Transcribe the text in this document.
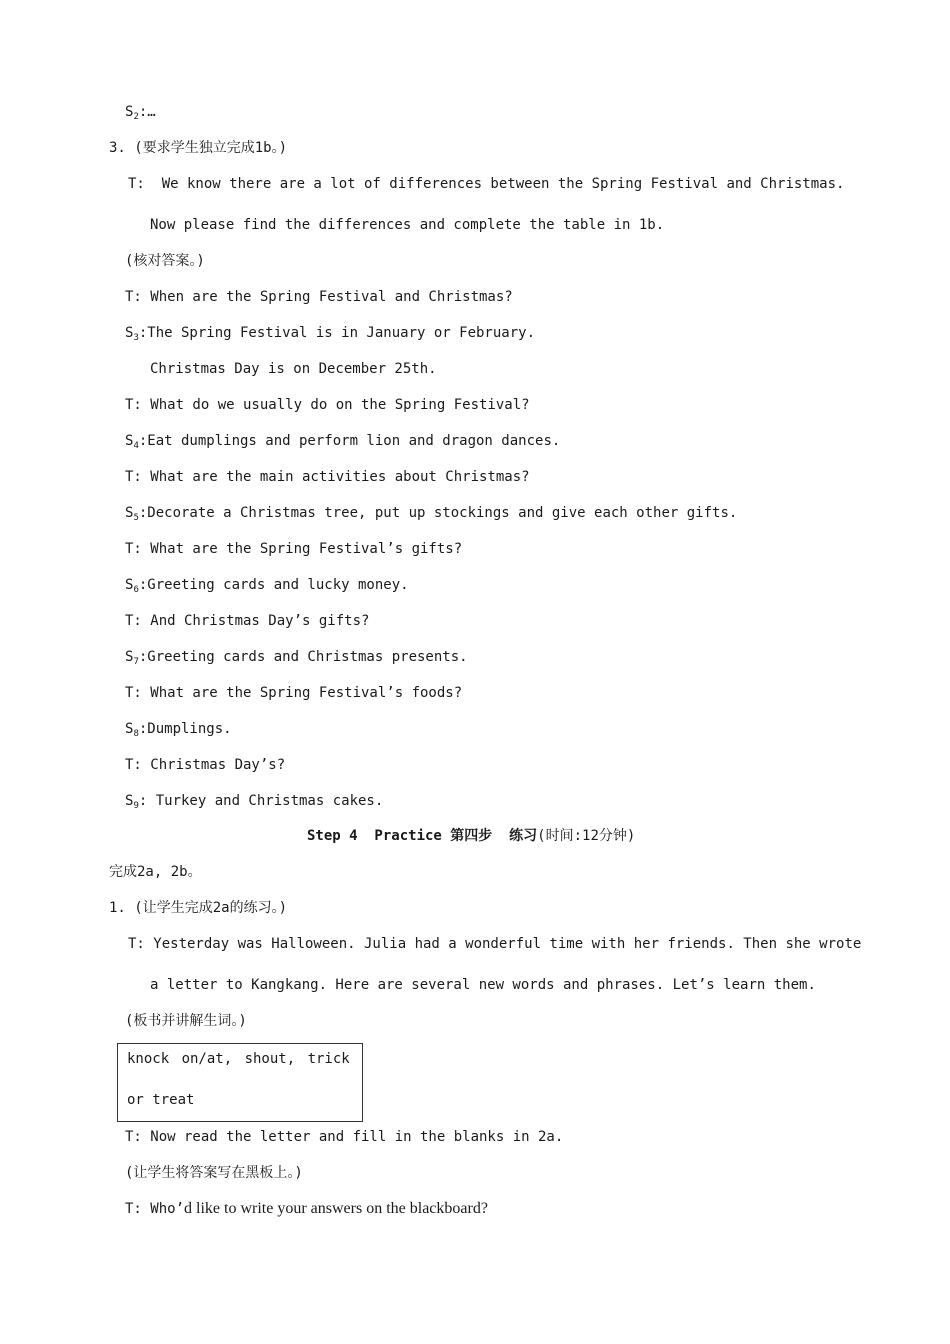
$S_2:\dots$
3. (要求学生独立完成1b。)
T:  We know there are a lot of differences between the Spring Festival and Christmas.
Now please find the differences and complete the table in 1b.
(核对答案。)
T: When are the Spring Festival and Christmas?
$S_3:The$ Spring Festival is in January or February.
Christmas Day is on December 25th.
T: What do we usually do on the Spring Festival?
$S_4:Eat$ dumplings and perform lion and dragon dances.
T: What are the main activities about Christmas?
$S_5:Decorate$ a Christmas tree, put up stockings and give each other gifts.
T: What are the Spring Festival’s gifts?
$S_6:Greeting$ cards and lucky money.
T: And Christmas Day’s gifts?
$S_7:Greeting$ cards and Christmas presents.
T: What are the Spring Festival’s foods?
$S_8:Dumplings$.
T: Christmas Day’s?
$S_9$: Turkey and Christmas cakes.
Step 4  Practice 第四步  练习(时间:12分钟)
完成2a, 2b。
1. (让学生完成2a的练习。)
T: Yesterday was Halloween. Julia had a wonderful time with her friends. Then she wrote
a letter to Kangkang. Here are several new words and phrases. Let’s learn them.
(板书并讲解生词。)
knock on/at, shout, trick
or treat
T: Now read the letter and fill in the blanks in 2a.
(让学生将答案写在黑板上。)
T: Who’d like to write your answers on the blackboard?
